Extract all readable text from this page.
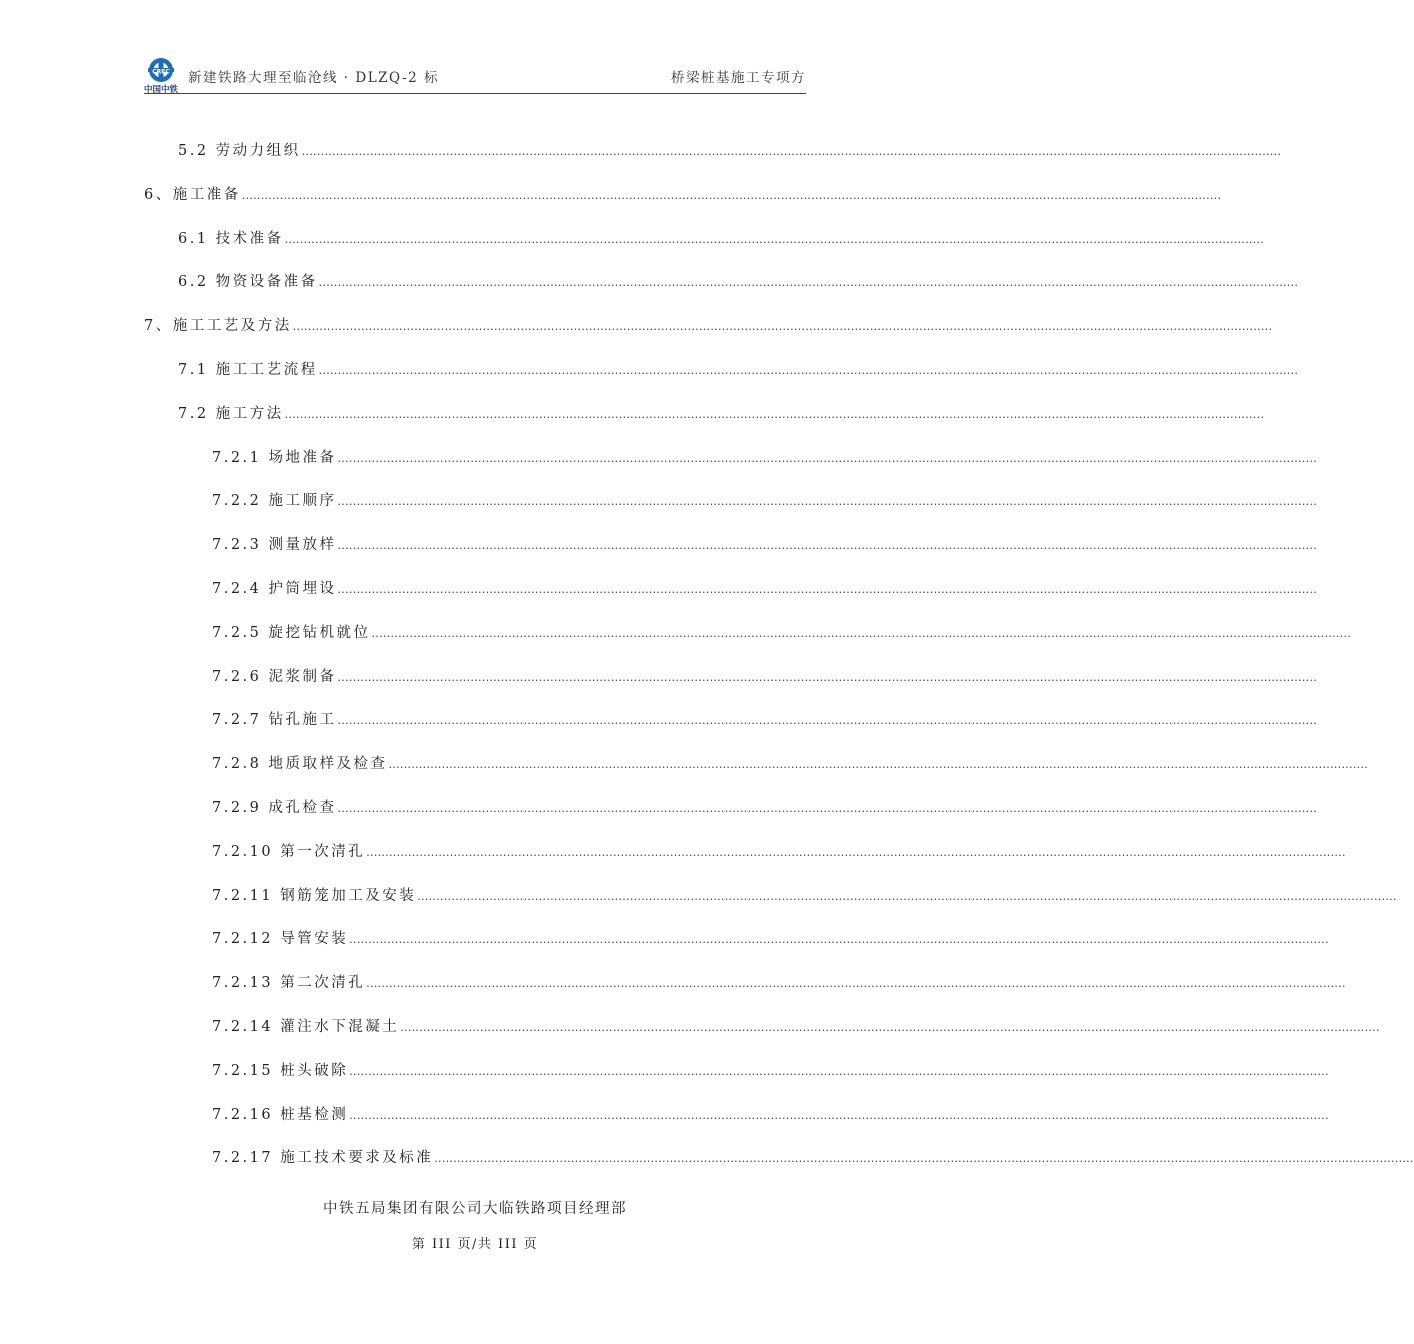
CREC
中国中铁
新建铁路大理至临沧线 · DLZQ-2 标	桥梁桩基施工专项方
5.2 劳动力组织
.....
6、施工准备
.....
6.1 技术准备
.....
6.2 物资设备准备
.....
7、施工工艺及方法
.....
7.1 施工工艺流程
.....
7.2 施工方法
.....
7.2.1 场地准备
.....
7.2.2 施工顺序
.....
7.2.3 测量放样
.....
7.2.4 护筒埋设
.....
7.2.5 旋挖钻机就位
.....
7.2.6 泥浆制备
.....
7.2.7 钻孔施工
.....
7.2.8 地质取样及检查
.....
7.2.9 成孔检查
.....
7.2.10 第一次清孔
.....
7.2.11 钢筋笼加工及安装
.....
7.2.12 导管安装
.....
7.2.13 第二次清孔
.....
7.2.14 灌注水下混凝土
.....
7.2.15 桩头破除
.....
7.2.16 桩基检测
.....
7.2.17 施工技术要求及标准
.....
中铁五局集团有限公司大临铁路项目经理部
第 III 页/共 III 页
